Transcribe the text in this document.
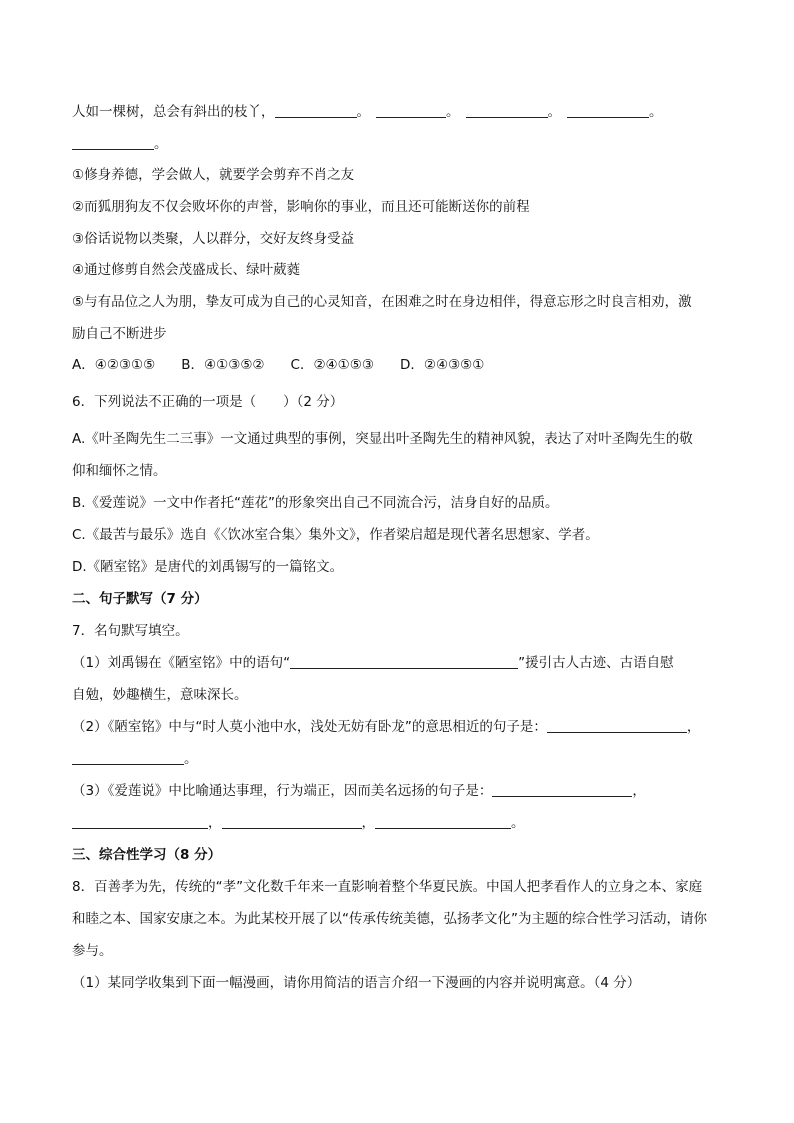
人如一棵树，总会有斜出的枝丫，	。	。	。	。
。
①修身养德，学会做人，就要学会剪弃不肖之友
②而狐朋狗友不仅会败坏你的声誉，影响你的事业，而且还可能断送你的前程
③俗话说物以类聚，人以群分，交好友终身受益
④通过修剪自然会茂盛成长、绿叶葳蕤
⑤与有品位之人为朋，挚友可成为自己的心灵知音，在困难之时在身边相伴，得意忘形之时良言相劝，激
励自己不断进步
A．④②③①⑤ B．④①③⑤② C．②④①⑤③ D．②④③⑤①
6．下列说法不正确的一项是（　　）（2 分）
A.《叶圣陶先生二三事》一文通过典型的事例，突显出叶圣陶先生的精神风貌，表达了对叶圣陶先生的敬
仰和缅怀之情。
B.《爱莲说》一文中作者托“莲花”的形象突出自己不同流合污，洁身自好的品质。
C.《最苦与最乐》选自《〈饮冰室合集〉集外文》，作者梁启超是现代著名思想家、学者。
D.《陋室铭》是唐代的刘禹锡写的一篇铭文。
二、句子默写（7 分）
7．名句默写填空。
（1）刘禹锡在《陋室铭》中的语句“	”援引古人古迹、古语自慰
自勉，妙趣横生，意味深长。
（2）《陋室铭》中与“时人莫小池中水，浅处无妨有卧龙”的意思相近的句子是：	，
。
（3）《爱莲说》中比喻通达事理，行为端正，因而美名远扬的句子是：	，
，	，	。
三、综合性学习（8 分）
8．百善孝为先，传统的“孝”文化数千年来一直影响着整个华夏民族。中国人把孝看作人的立身之本、家庭
和睦之本、国家安康之本。为此某校开展了以“传承传统美德，弘扬孝文化”为主题的综合性学习活动，请你
参与。
（1）某同学收集到下面一幅漫画，请你用简洁的语言介绍一下漫画的内容并说明寓意。（4 分）
